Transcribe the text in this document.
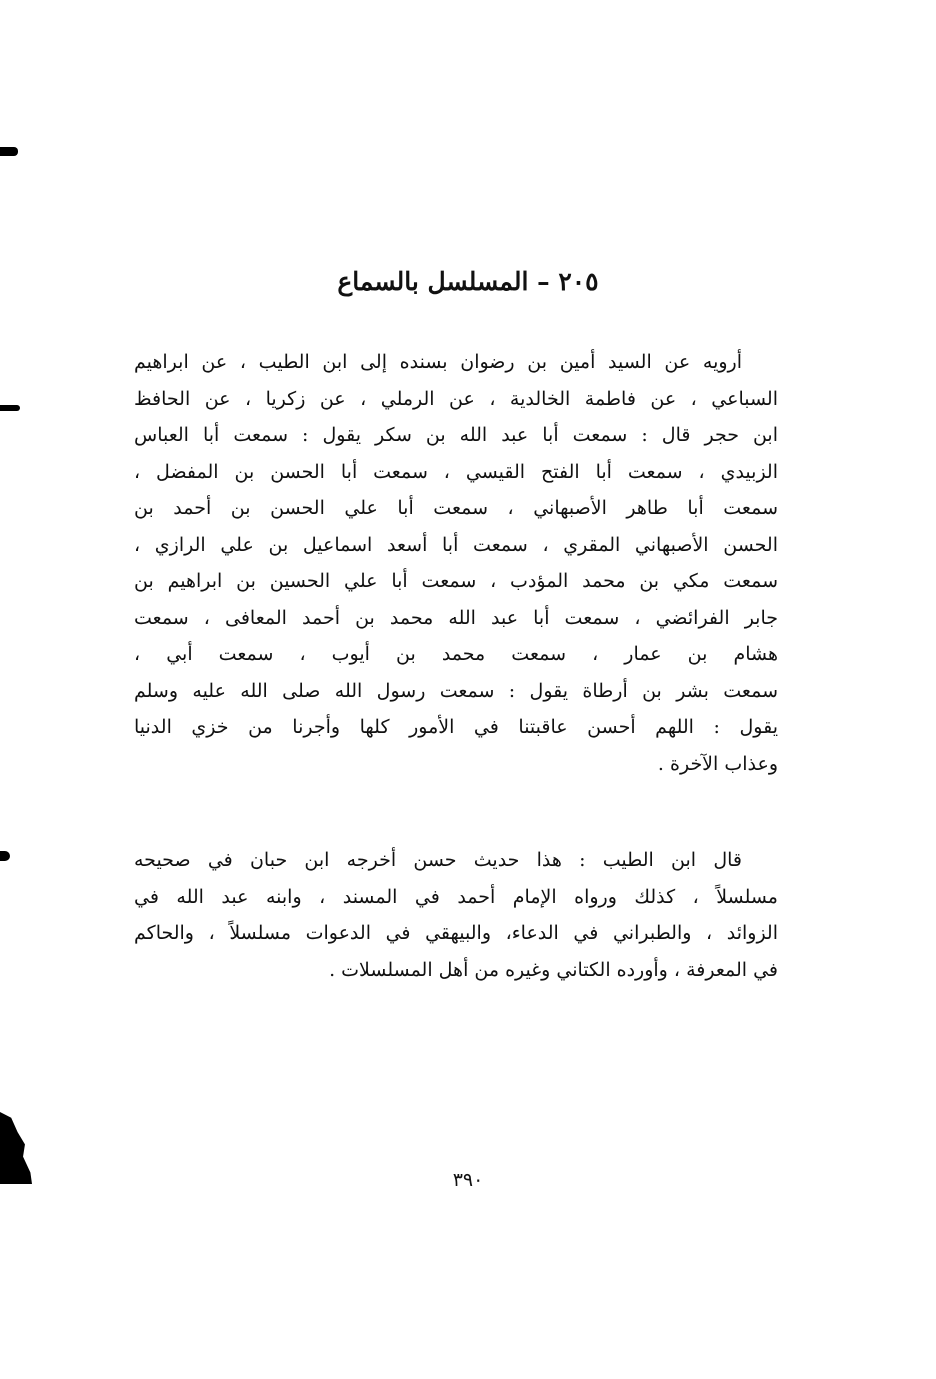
٢٠٥ – المسلسل بالسماع
أرويه عن السيد أمين بن رضوان بسنده إلى ابن الطيب ، عن ابراهيم
السباعي ، عن فاطمة الخالدية ، عن الرملي ، عن زكريا ، عن الحافظ
ابن حجر قال : سمعت أبا عبد الله بن سكر يقول : سمعت أبا العباس
الزبيدي ، سمعت أبا الفتح القيسي ، سمعت أبا الحسن بن المفضل ،
سمعت أبا طاهر الأصبهاني ، سمعت أبا علي الحسن بن أحمد بن
الحسن الأصبهاني المقري ، سمعت أبا أسعد اسماعيل بن علي الرازي ،
سمعت مكي بن محمد المؤدب ، سمعت أبا علي الحسين بن ابراهيم بن
جابر الفرائضي ، سمعت أبا عبد الله محمد بن أحمد المعافى ، سمعت
هشام بن عمار ، سمعت محمد بن أيوب ، سمعت أبي ،
سمعت بشر بن أرطاة يقول : سمعت رسول الله صلى الله عليه وسلم
يقول : اللهم أحسن عاقبتنا في الأمور كلها وأجرنا من خزي الدنيا
وعذاب الآخرة .
قال ابن الطيب : هذا حديث حسن أخرجه ابن حبان في صحيحه
مسلسلاً ، كذلك ورواه الإمام أحمد في المسند ، وابنه عبد الله في
الزوائد ، والطبراني في الدعاء، والبيهقي في الدعوات مسلسلاً ، والحاكم
في المعرفة ، وأورده الكتاني وغيره من أهل المسلسلات .
٣٩٠
